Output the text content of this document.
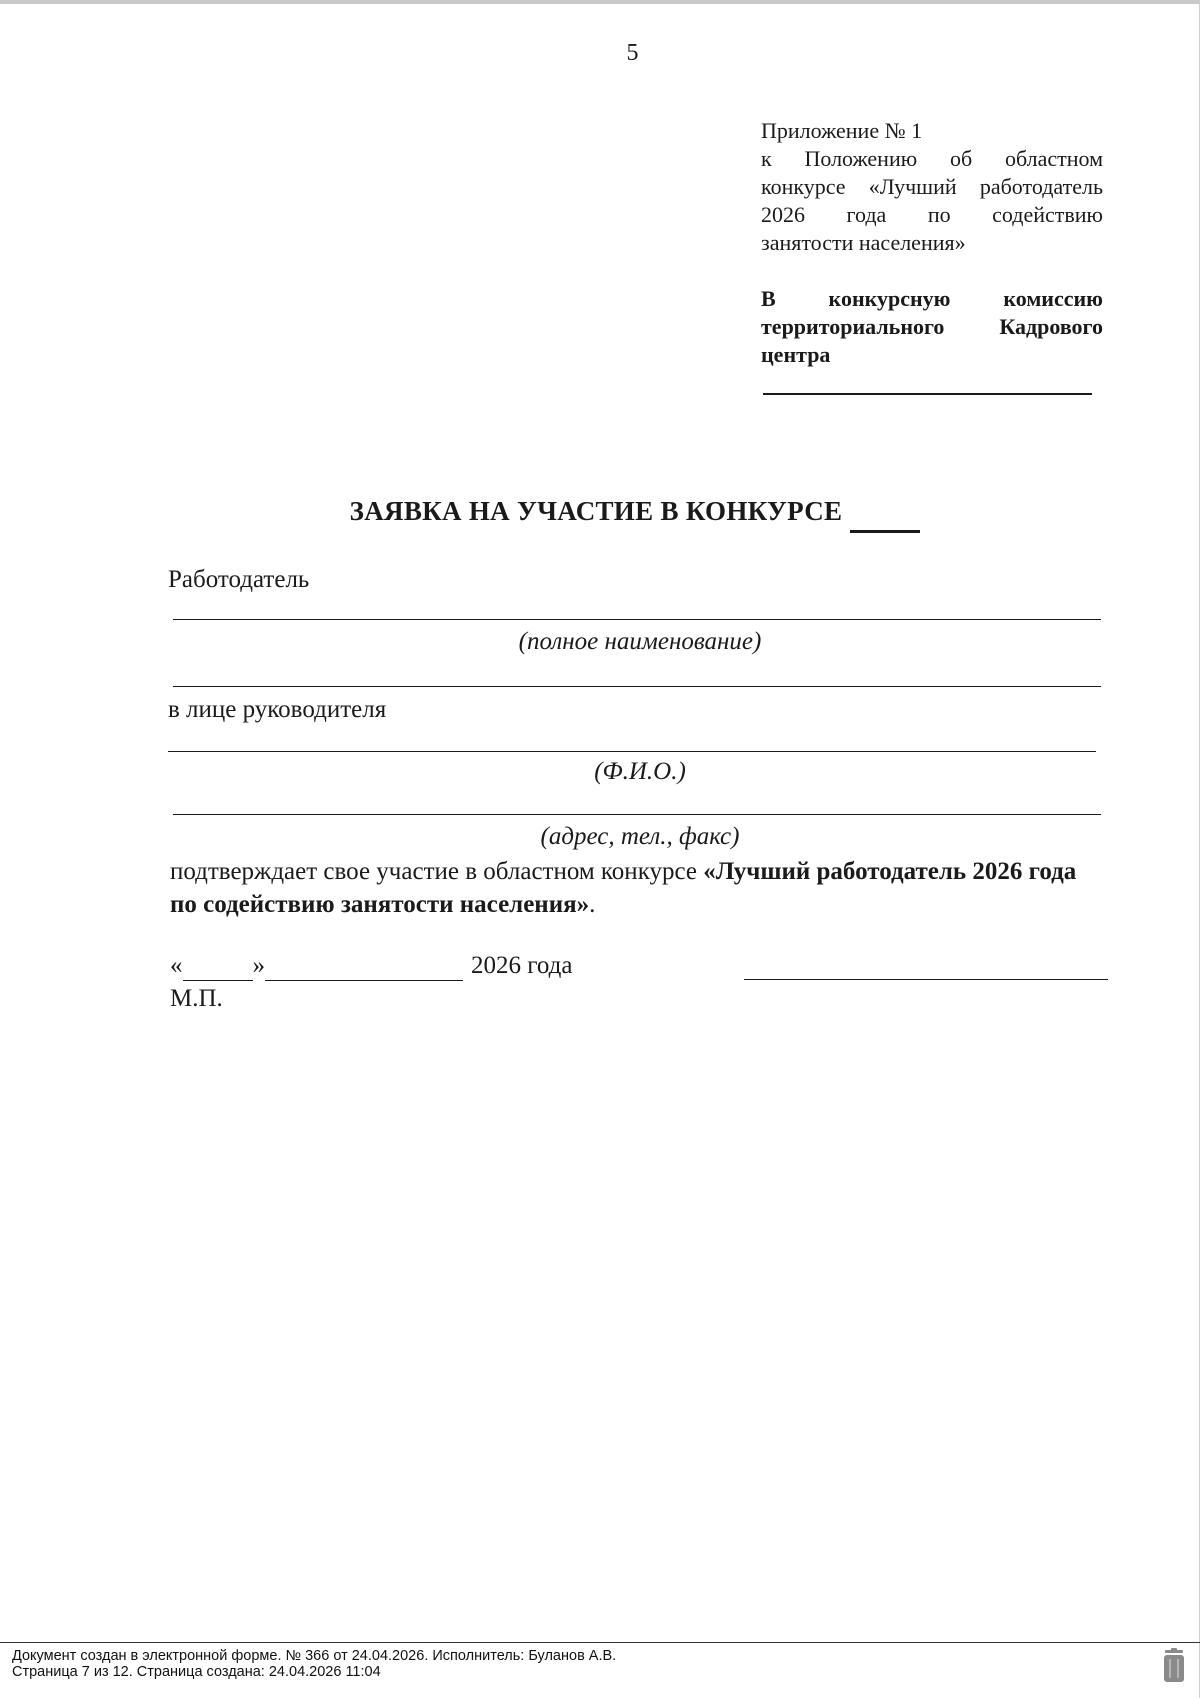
5
Приложение № 1
к Положению об областном
конкурсе «Лучший работодатель
2026 года по содействию
занятости населения»
В конкурсную комиссию
территориального Кадрового
центра
ЗАЯВКА НА УЧАСТИЕ В КОНКУРСЕ
Работодатель
(полное наименование)
в лице руководителя
(Ф.И.О.)
(адрес, тел., факс)
подтверждает свое участие в областном конкурсе «Лучший работодатель 2026 года по содействию занятости населения».
«	»	2026 года
М.П.
Документ создан в электронной форме. № 366 от 24.04.2026. Исполнитель: Буланов А.В.
Страница 7 из 12. Страница создана: 24.04.2026 11:04
